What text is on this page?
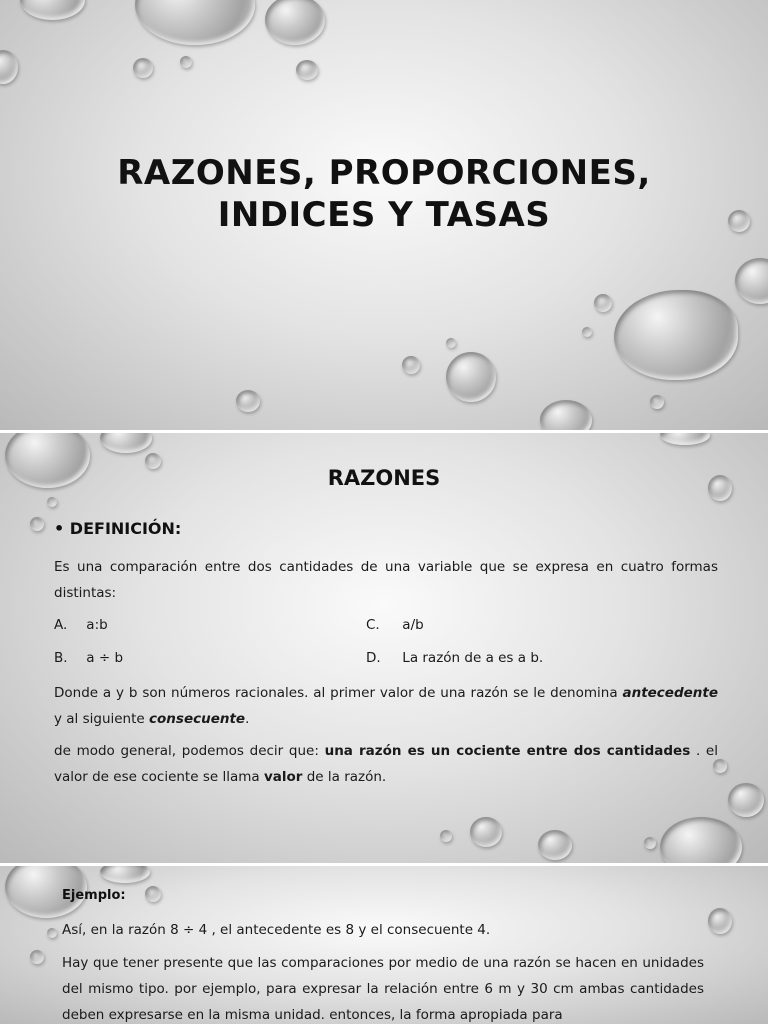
RAZONES, PROPORCIONES,
INDICES Y TASAS
RAZONES
• DEFINICIÓN:
Es una comparación entre dos cantidades de una variable que se expresa en cuatro formas distintas:
A. a:b
B. a ÷ b
C. a/b
D. La razón de a es a b.
Donde a y b son números racionales. al primer valor de una razón se le denomina antecedente y al siguiente consecuente.
de modo general, podemos decir que: una razón es un cociente entre dos cantidades . el valor de ese cociente se llama valor de la razón.
Ejemplo:
Así, en la razón 8 ÷ 4 , el antecedente es 8 y el consecuente 4.
Hay que tener presente que las comparaciones por medio de una razón se hacen en unidades del mismo tipo. por ejemplo, para expresar la relación entre 6 m y 30 cm ambas cantidades deben expresarse en la misma unidad. entonces, la forma apropiada para
